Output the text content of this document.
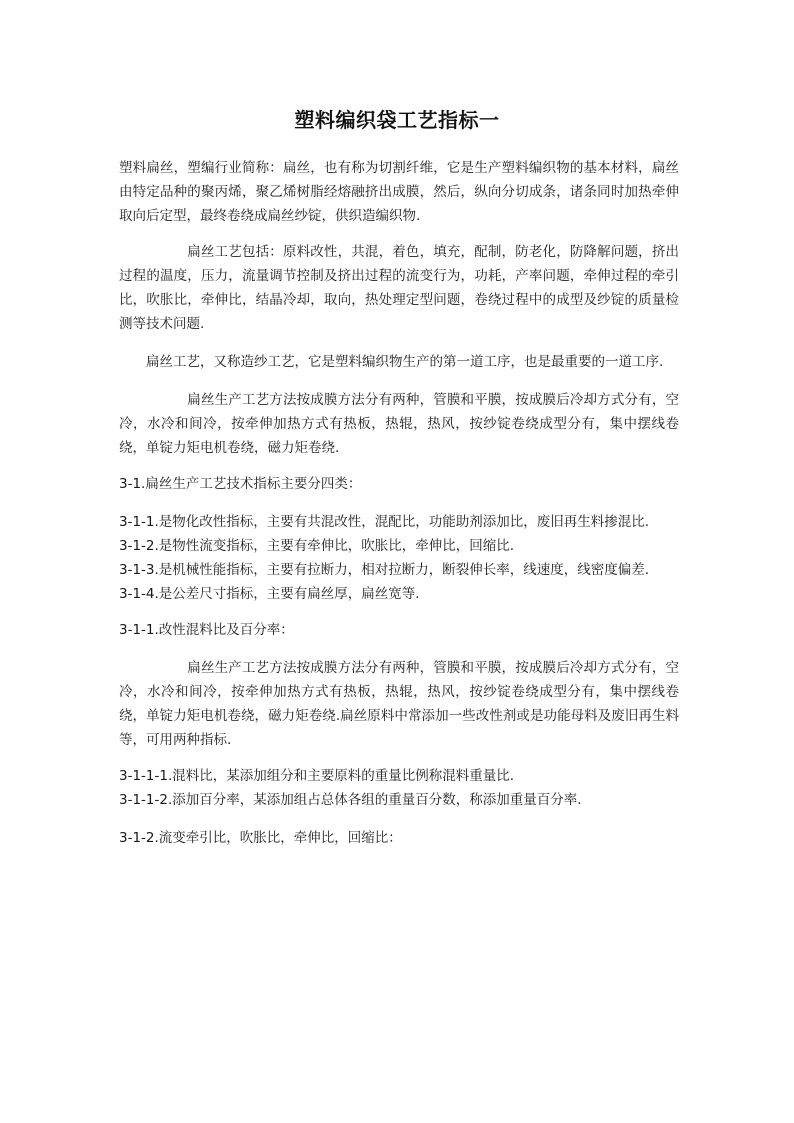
塑料编织袋工艺指标一

塑料扁丝，塑编行业简称：扁丝，也有称为切割纤维，它是生产塑料编织物的基本材料，扁丝由特定品种的聚丙烯，聚乙烯树脂经熔融挤出成膜，然后，纵向分切成条，诸条同时加热牵伸取向后定型，最终卷绕成扁丝纱锭，供织造编织物.

　　　　　扁丝工艺包括：原料改性，共混，着色，填充，配制，防老化，防降解问题，挤出过程的温度，压力，流量调节控制及挤出过程的流变行为，功耗，产率问题，牵伸过程的牵引比，吹胀比，牵伸比，结晶冷却，取向，热处理定型问题，卷绕过程中的成型及纱锭的质量检测等技术问题.

　　扁丝工艺，又称造纱工艺，它是塑料编织物生产的第一道工序，也是最重要的一道工序.

　　　　　扁丝生产工艺方法按成膜方法分有两种，管膜和平膜，按成膜后冷却方式分有，空冷，水冷和间冷，按牵伸加热方式有热板，热辊，热风，按纱锭卷绕成型分有，集中摆线卷绕，单锭力矩电机卷绕，磁力矩卷绕.

3-1.扁丝生产工艺技术指标主要分四类：

3-1-1.是物化改性指标，主要有共混改性，混配比，功能助剂添加比，废旧再生料掺混比.

3-1-2.是物性流变指标，主要有牵伸比，吹胀比，牵伸比，回缩比.

3-1-3.是机械性能指标，主要有拉断力，相对拉断力，断裂伸长率，线速度，线密度偏差.

3-1-4.是公差尺寸指标，主要有扁丝厚，扁丝宽等.

3-1-1.改性混料比及百分率：

　　　　　扁丝生产工艺方法按成膜方法分有两种，管膜和平膜，按成膜后冷却方式分有，空冷，水冷和间冷，按牵伸加热方式有热板，热辊，热风，按纱锭卷绕成型分有，集中摆线卷绕，单锭力矩电机卷绕，磁力矩卷绕.扁丝原料中常添加一些改性剂或是功能母料及废旧再生料等，可用两种指标.

3-1-1-1.混料比，某添加组分和主要原料的重量比例称混料重量比.

3-1-1-2.添加百分率，某添加组占总体各组的重量百分数，称添加重量百分率.

3-1-2.流变牵引比，吹胀比，牵伸比，回缩比：
